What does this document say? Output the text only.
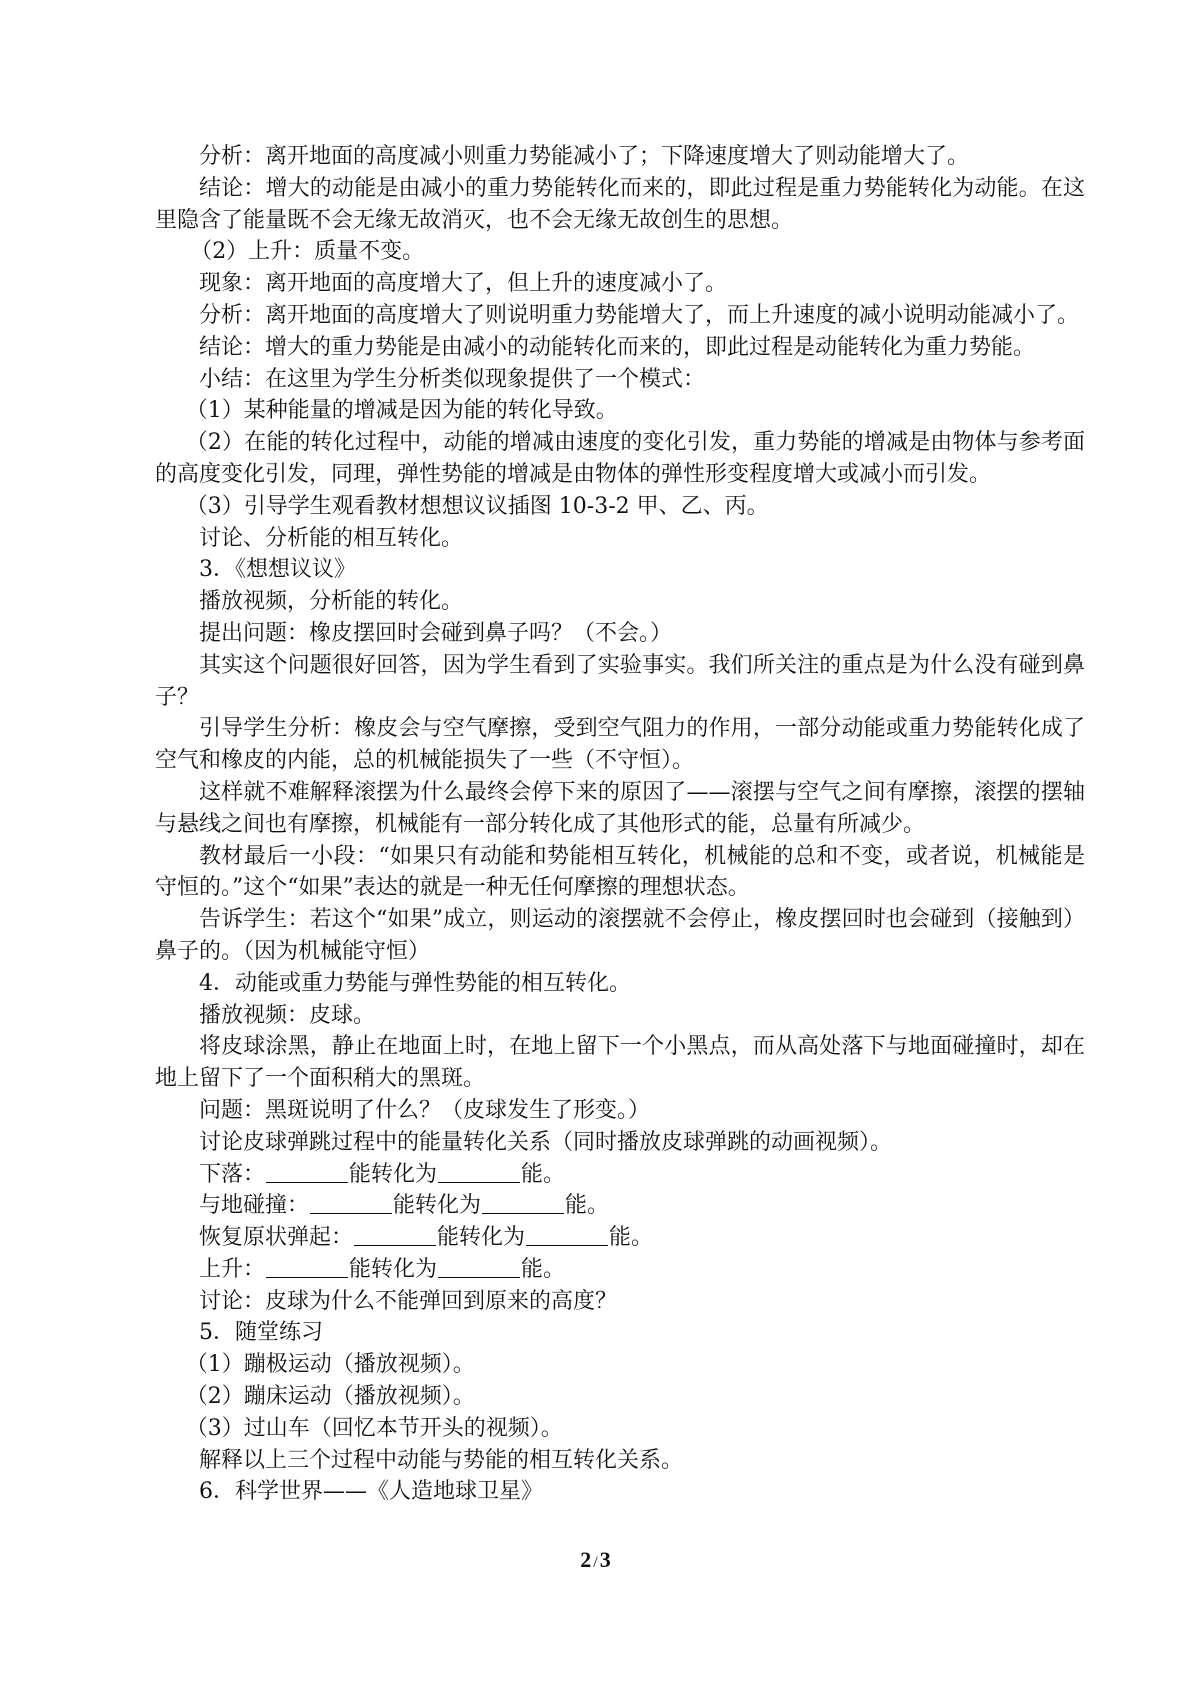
分析：离开地面的高度减小则重力势能减小了；下降速度增大了则动能增大了。

结论：增大的动能是由减小的重力势能转化而来的，即此过程是重力势能转化为动能。在这里隐含了能量既不会无缘无故消灭，也不会无缘无故创生的思想。

（2）上升：质量不变。

现象：离开地面的高度增大了，但上升的速度减小了。

分析：离开地面的高度增大了则说明重力势能增大了，而上升速度的减小说明动能减小了。

结论：增大的重力势能是由减小的动能转化而来的，即此过程是动能转化为重力势能。

小结：在这里为学生分析类似现象提供了一个模式：

（1）某种能量的增减是因为能的转化导致。

（2）在能的转化过程中，动能的增减由速度的变化引发，重力势能的增减是由物体与参考面的高度变化引发，同理，弹性势能的增减是由物体的弹性形变程度增大或减小而引发。

（3）引导学生观看教材想想议议插图 10-3-2 甲、乙、丙。

讨论、分析能的相互转化。

3．《想想议议》

播放视频，分析能的转化。

提出问题：橡皮摆回时会碰到鼻子吗？（不会。）

其实这个问题很好回答，因为学生看到了实验事实。我们所关注的重点是为什么没有碰到鼻子？

引导学生分析：橡皮会与空气摩擦，受到空气阻力的作用，一部分动能或重力势能转化成了空气和橡皮的内能，总的机械能损失了一些（不守恒）。

这样就不难解释滚摆为什么最终会停下来的原因了——滚摆与空气之间有摩擦，滚摆的摆轴与悬线之间也有摩擦，机械能有一部分转化成了其他形式的能，总量有所减少。

教材最后一小段：“如果只有动能和势能相互转化，机械能的总和不变，或者说，机械能是守恒的。”这个“如果”表达的就是一种无任何摩擦的理想状态。

告诉学生：若这个“如果”成立，则运动的滚摆就不会停止，橡皮摆回时也会碰到（接触到）鼻子的。（因为机械能守恒）

4．动能或重力势能与弹性势能的相互转化。

播放视频：皮球。

将皮球涂黑，静止在地面上时，在地上留下一个小黑点，而从高处落下与地面碰撞时，却在地上留下了一个面积稍大的黑斑。

问题：黑斑说明了什么？（皮球发生了形变。）

讨论皮球弹跳过程中的能量转化关系（同时播放皮球弹跳的动画视频）。

下落：	能转化为	能。

与地碰撞：	能转化为	能。

恢复原状弹起：	能转化为	能。

上升：	能转化为	能。

讨论：皮球为什么不能弹回到原来的高度？

5．随堂练习

（1）蹦极运动（播放视频）。

（2）蹦床运动（播放视频）。

（3）过山车（回忆本节开头的视频）。

解释以上三个过程中动能与势能的相互转化关系。

6．科学世界——《人造地球卫星》

2 /3
